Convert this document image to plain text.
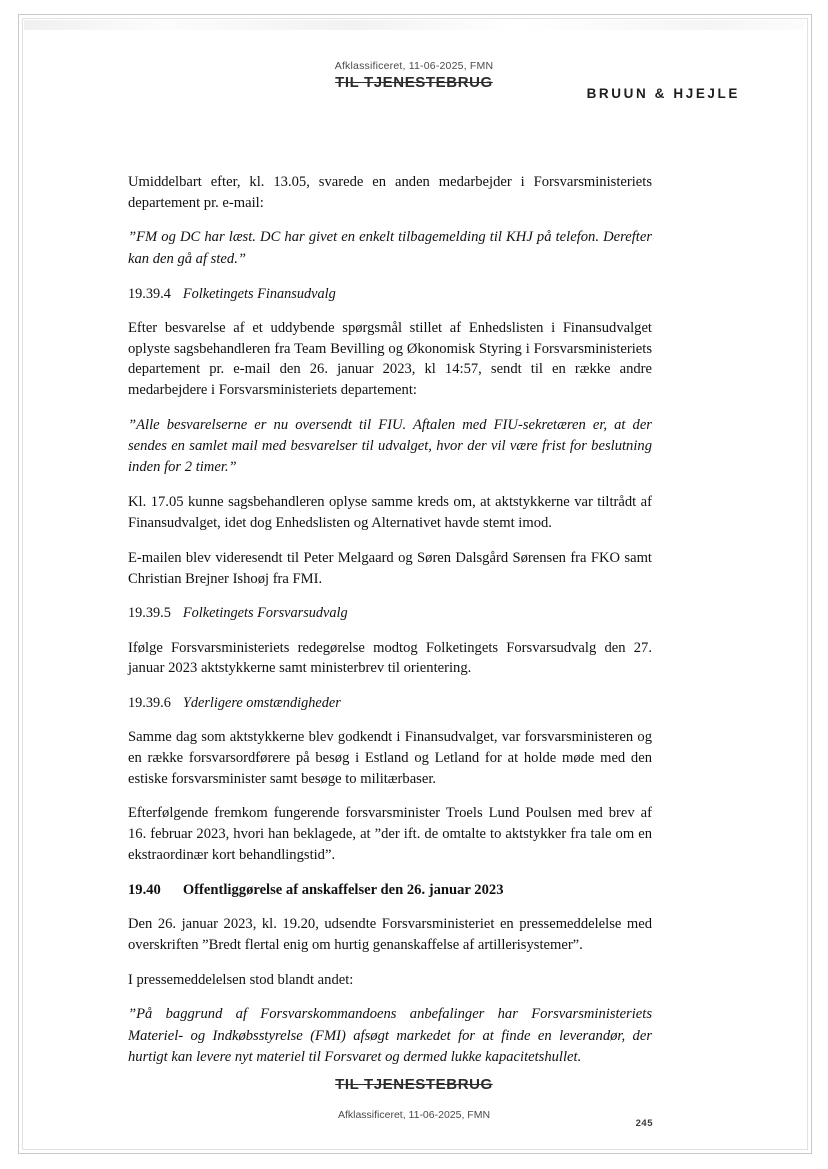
Afklassificeret, 11-06-2025, FMN
TIL TJENESTEBRUG
BRUUN & HJEJLE

Umiddelbart efter, kl. 13.05, svarede en anden medarbejder i Forsvarsministeriets departement pr. e-mail:

”FM og DC har læst. DC har givet en enkelt tilbagemelding til KHJ på telefon. Derefter kan den gå af sted.”

19.39.4 Folketingets Finansudvalg

Efter besvarelse af et uddybende spørgsmål stillet af Enhedslisten i Finansudvalget oplyste sagsbehandleren fra Team Bevilling og Økonomisk Styring i Forsvarsministeriets departement pr. e-mail den 26. januar 2023, kl 14:57, sendt til en række andre medarbejdere i Forsvarsministeriets departement:

”Alle besvarelserne er nu oversendt til FIU. Aftalen med FIU-sekretæren er, at der sendes en samlet mail med besvarelser til udvalget, hvor der vil være frist for beslutning inden for 2 timer.”

Kl. 17.05 kunne sagsbehandleren oplyse samme kreds om, at aktstykkerne var tiltrådt af Finansudvalget, idet dog Enhedslisten og Alternativet havde stemt imod.

E-mailen blev videresendt til Peter Melgaard og Søren Dalsgård Sørensen fra FKO samt Christian Brejner Ishoøj fra FMI.

19.39.5 Folketingets Forsvarsudvalg

Ifølge Forsvarsministeriets redegørelse modtog Folketingets Forsvarsudvalg den 27. januar 2023 aktstykkerne samt ministerbrev til orientering.

19.39.6 Yderligere omstændigheder

Samme dag som aktstykkerne blev godkendt i Finansudvalget, var forsvarsministeren og en række forsvarsordførere på besøg i Estland og Letland for at holde møde med den estiske forsvarsminister samt besøge to militærbaser.

Efterfølgende fremkom fungerende forsvarsminister Troels Lund Poulsen med brev af 16. februar 2023, hvori han beklagede, at ”der ift. de omtalte to aktstykker fra tale om en ekstraordinær kort behandlingstid”.

19.40 Offentliggørelse af anskaffelser den 26. januar 2023

Den 26. januar 2023, kl. 19.20, udsendte Forsvarsministeriet en pressemeddelelse med overskriften ”Bredt flertal enig om hurtig genanskaffelse af artillerisystemer”.

I pressemeddelelsen stod blandt andet:

”På baggrund af Forsvarskommandoens anbefalinger har Forsvarsministeriets Materiel- og Indkøbsstyrelse (FMI) afsøgt markedet for at finde en leverandør, der hurtigt kan levere nyt materiel til Forsvaret og dermed lukke kapacitetshullet.

TIL TJENESTEBRUG
Afklassificeret, 11-06-2025, FMN
245
